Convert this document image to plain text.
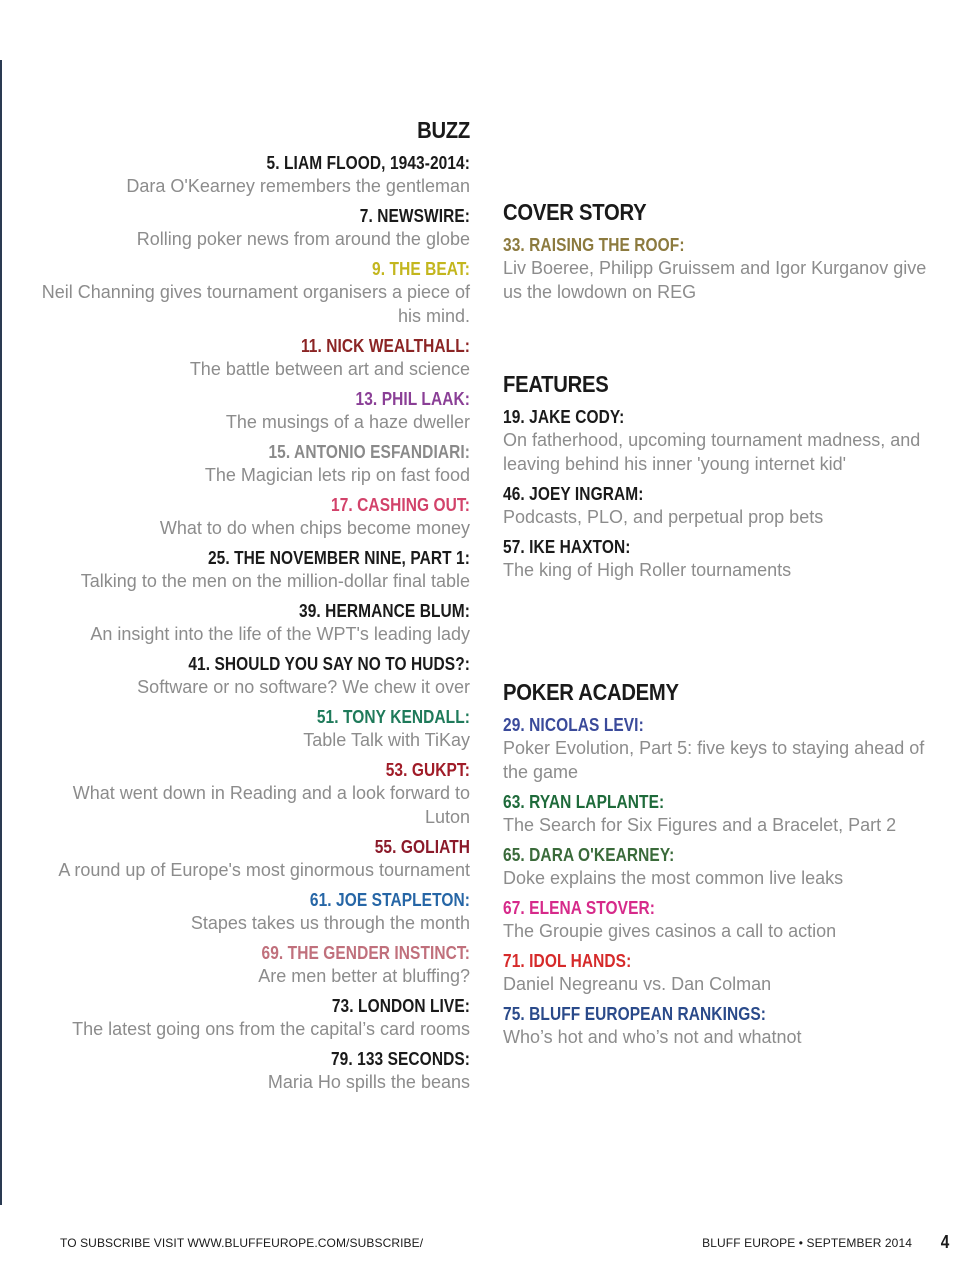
BUZZ
5. LIAM FLOOD, 1943-2014:
Dara O'Kearney remembers the gentleman
7. NEWSWIRE:
Rolling poker news from around the globe
9. THE BEAT:
Neil Channing gives tournament organisers a piece of his mind.
11. NICK WEALTHALL:
The battle between art and science
13. PHIL LAAK:
The musings of a haze dweller
15. ANTONIO ESFANDIARI:
The Magician lets rip on fast food
17. CASHING OUT:
What to do when chips become money
25. THE NOVEMBER NINE, PART 1:
Talking to the men on the million-dollar final table
39. HERMANCE BLUM:
An insight into the life of the WPT's leading lady
41. SHOULD YOU SAY NO TO HUDS?:
Software or no software? We chew it over
51. TONY KENDALL:
Table Talk with TiKay
53. GUKPT:
What went down in Reading and a look forward to Luton
55. GOLIATH
A round up of Europe's most ginormous tournament
61. JOE STAPLETON:
Stapes takes us through the month
69. THE GENDER INSTINCT:
Are men better at bluffing?
73. LONDON LIVE:
The latest going ons from the capital’s card rooms
79. 133 SECONDS:
Maria Ho spills the beans
COVER STORY
33. RAISING THE ROOF:
Liv Boeree, Philipp Gruissem and Igor Kurganov give us the lowdown on REG
FEATURES
19. JAKE CODY:
On fatherhood, upcoming tournament madness, and leaving behind his inner 'young internet kid'
46. JOEY INGRAM:
Podcasts, PLO, and perpetual prop bets
57. IKE HAXTON:
The king of High Roller tournaments
POKER ACADEMY
29. NICOLAS LEVI:
Poker Evolution, Part 5: five keys to staying ahead of the game
63. RYAN LAPLANTE:
The Search for Six Figures and a Bracelet, Part 2
65. DARA O'KEARNEY:
Doke explains the most common live leaks
67. ELENA STOVER:
The Groupie gives casinos a call to action
71. IDOL HANDS:
Daniel Negreanu vs. Dan Colman
75. BLUFF EUROPEAN RANKINGS:
Who’s hot and who’s not and whatnot
TO SUBSCRIBE VISIT WWW.BLUFFEUROPE.COM/SUBSCRIBE/	BLUFF EUROPE • SEPTEMBER 2014 4
